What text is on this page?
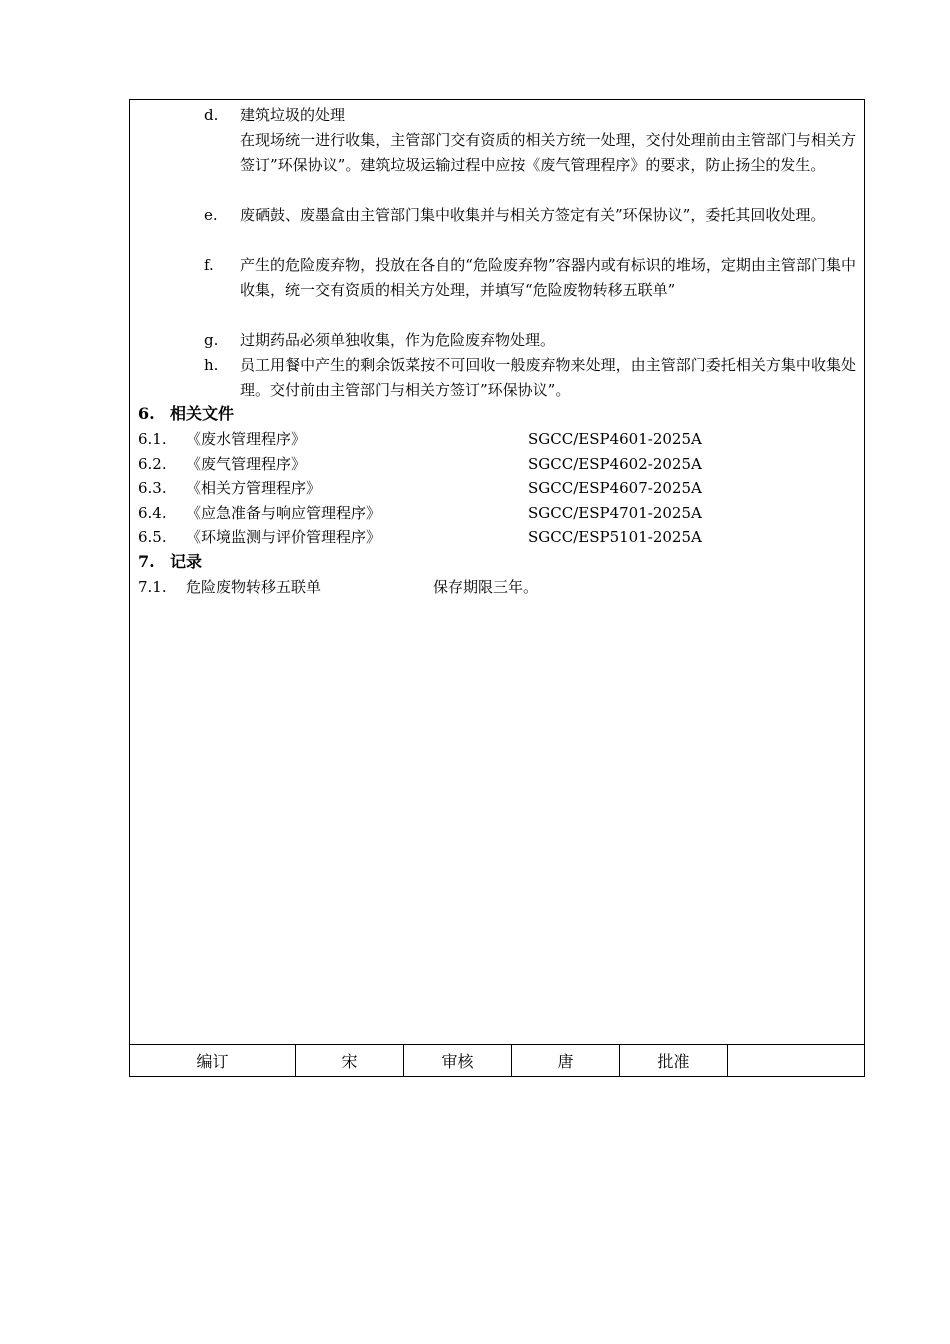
d. 建筑垃圾的处理
在现场统一进行收集，主管部门交有资质的相关方统一处理，交付处理前由主管部门与相关方签订”环保协议”。建筑垃圾运输过程中应按《废气管理程序》的要求，防止扬尘的发生。
e. 废硒鼓、废墨盒由主管部门集中收集并与相关方签定有关”环保协议”，委托其回收处理。
f. 产生的危险废弃物，投放在各自的“危险废弃物”容器内或有标识的堆场，定期由主管部门集中收集，统一交有资质的相关方处理，并填写“危险废物转移五联单”
g. 过期药品必须单独收集，作为危险废弃物处理。
h. 员工用餐中产生的剩余饭菜按不可回收一般废弃物来处理，由主管部门委托相关方集中收集处理。交付前由主管部门与相关方签订”环保协议”。
6. 相关文件
6.1. 《废水管理程序》	SGCC/ESP4601-2025A
6.2. 《废气管理程序》	SGCC/ESP4602-2025A
6.3. 《相关方管理程序》	SGCC/ESP4607-2025A
6.4. 《应急准备与响应管理程序》	SGCC/ESP4701-2025A
6.5. 《环境监测与评价管理程序》	SGCC/ESP5101-2025A
7. 记录
7.1. 危险废物转移五联单	保存期限三年。
编订	宋	审核	唐	批准
